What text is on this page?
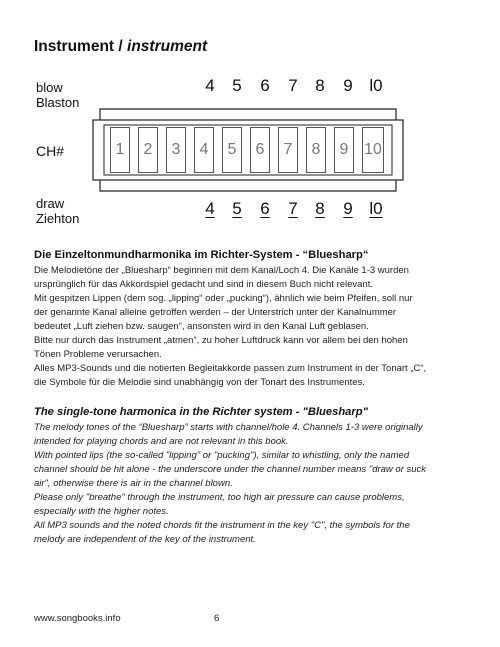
Instrument / instrument
blow
Blaston
4	5	6	7	8	9 l0
CH#	1	2	3	4	5	6	7	8	9 10
draw
Ziehton
4	5	6	7	8	9 l0
Die Einzeltonmundharmonika im Richter-System - “Bluesharp“

Die Melodietöne der „Bluesharp“ beginnen mit dem Kanal/Loch 4. Die Kanäle 1-3 wurden

ursprünglich für das Akkordspiel gedacht und sind in diesem Buch nicht relevant.

Mit gespitzen Lippen (dem sog. „lipping“ oder „pucking“), ähnlich wie beim Pfeifen, soll nur

der genannte Kanal alleine getroffen werden – der Unterstrich unter der Kanalnummer

bedeutet „Luft ziehen bzw. saugen“, ansonsten wird in den Kanal Luft geblasen.

Bitte nur durch das Instrument „atmen“, zu hoher Luftdruck kann vor allem bei den hohen

Tönen Probleme verursachen.

Alles MP3-Sounds und die notierten Begleitakkorde passen zum Instrument in der Tonart „C“,

die Symbole für die Melodie sind unabhängig von der Tonart des Instrumentes.

The single-tone harmonica in the Richter system - "Bluesharp"

The melody tones of the “Bluesharp” starts with channel/hole 4. Channels 1-3 were originally

intended for playing chords and are not relevant in this book.

With pointed lips (the so-called "lipping" or "pucking"), similar to whistling, only the named

channel should be hit alone - the underscore under the channel number means "draw or suck

air", otherwise there is air in the channel blown.

Please only "breathe" through the instrument, too high air pressure can cause problems,

especially with the higher notes.

All MP3 sounds and the noted chords fit the instrument in the key "C", the symbols for the

melody are independent of the key of the instrument.

www.songbooks.info	6
